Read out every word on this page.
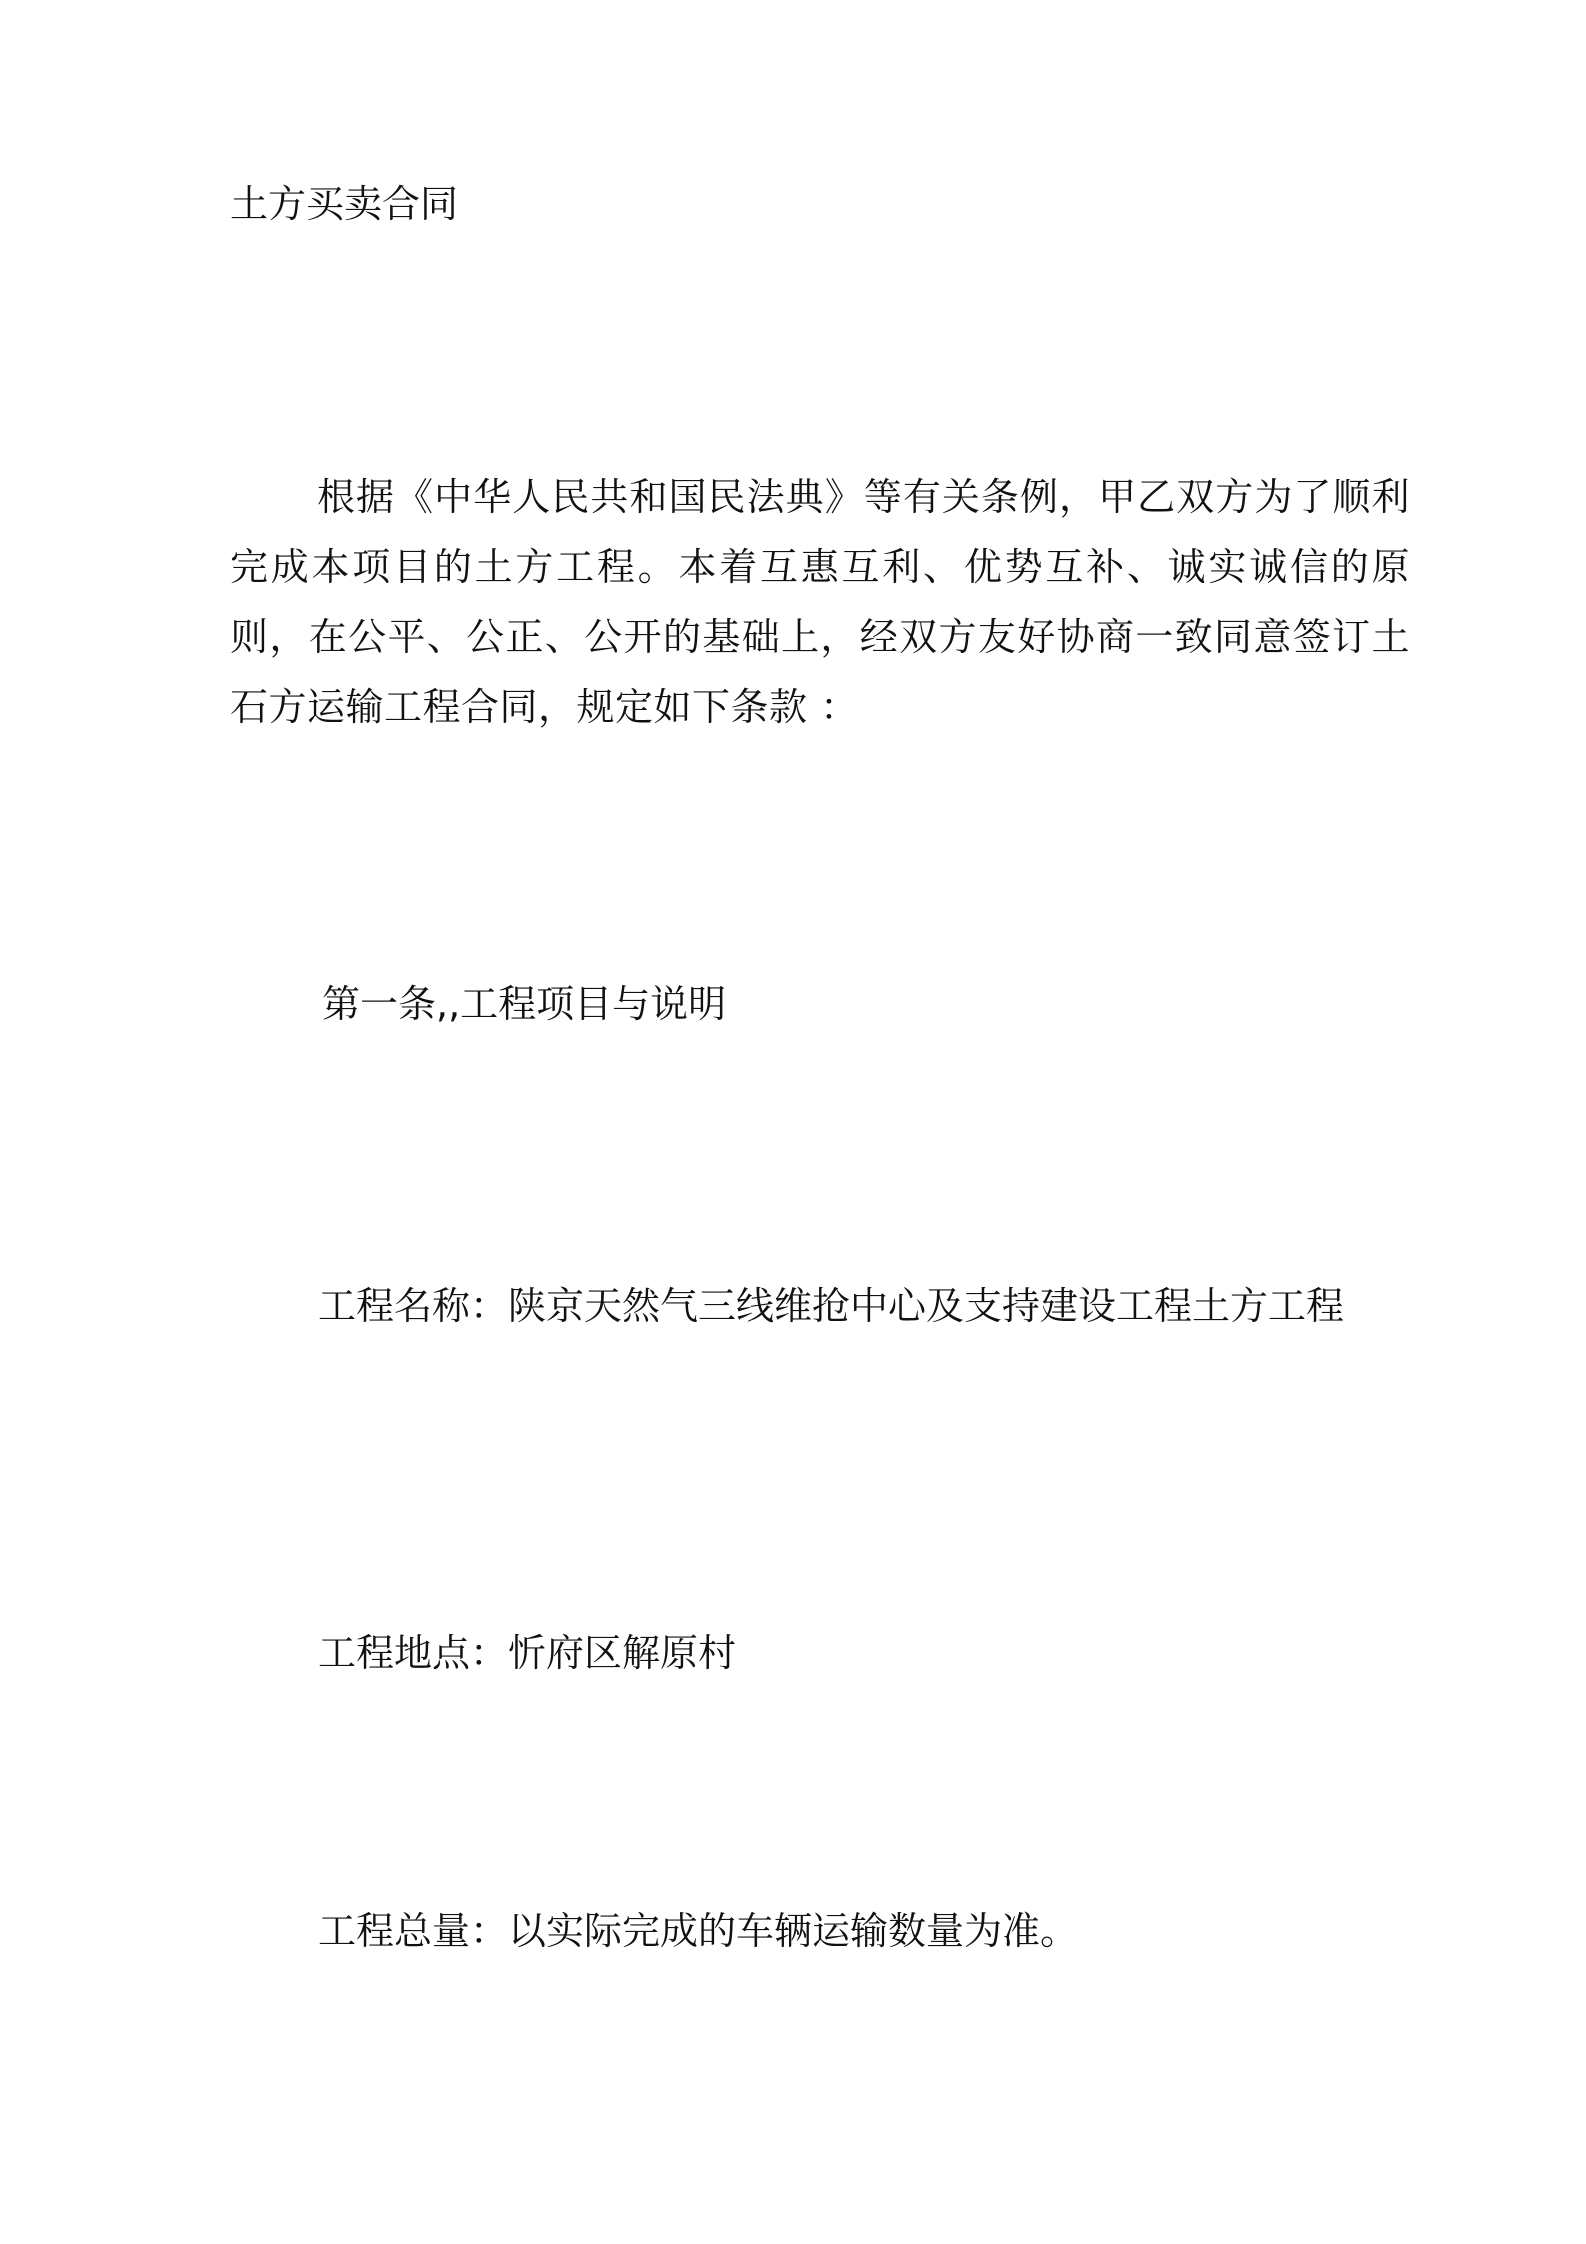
土方买卖合同
根据《中华人民共和国民法典》等有关条例，甲乙双方为了顺利完成本项目的土方工程。本着互惠互利、优势互补、诚实诚信的原则，在公平、公正、公开的基础上，经双方友好协商一致同意签订土石方运输工程合同，规定如下条款 ：
第一条,,工程项目与说明
工程名称：陕京天然气三线维抢中心及支持建设工程土方工程
工程地点：忻府区解原村
工程总量：以实际完成的车辆运输数量为准。
